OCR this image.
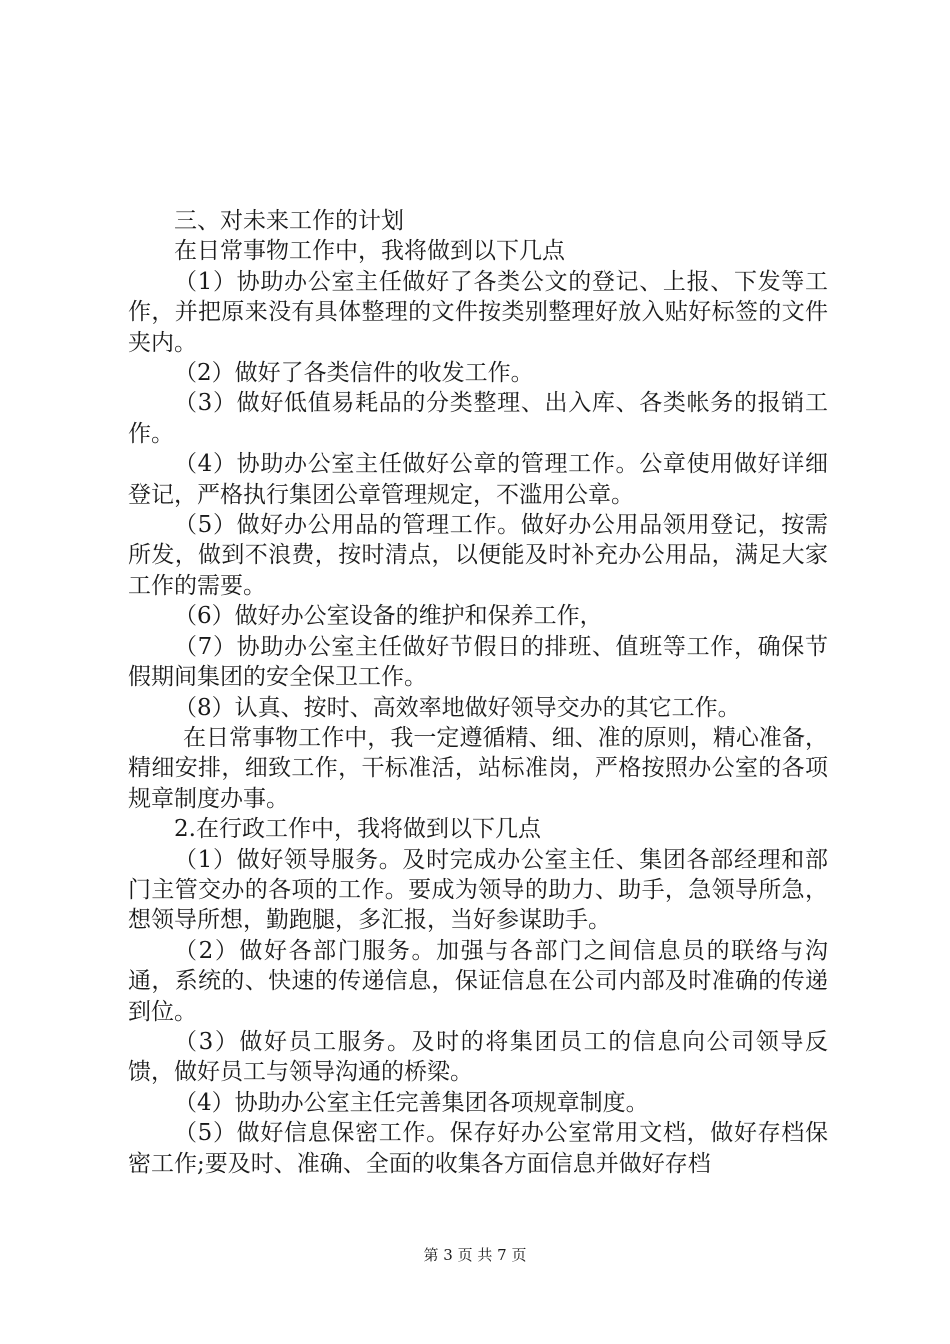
三、对未来工作的计划

在日常事物工作中，我将做到以下几点

（1）协助办公室主任做好了各类公文的登记、上报、下发等工作，并把原来没有具体整理的文件按类别整理好放入贴好标签的文件夹内。

（2）做好了各类信件的收发工作。

（3）做好低值易耗品的分类整理、出入库、各类帐务的报销工作。

（4）协助办公室主任做好公章的管理工作。公章使用做好详细登记，严格执行集团公章管理规定，不滥用公章。

（5）做好办公用品的管理工作。做好办公用品领用登记，按需所发，做到不浪费，按时清点，以便能及时补充办公用品，满足大家工作的需要。

（6）做好办公室设备的维护和保养工作，

（7）协助办公室主任做好节假日的排班、值班等工作，确保节假期间集团的安全保卫工作。

（8）认真、按时、高效率地做好领导交办的其它工作。

在日常事物工作中，我一定遵循精、细、准的原则，精心准备，精细安排，细致工作，干标准活，站标准岗，严格按照办公室的各项规章制度办事。

2.在行政工作中，我将做到以下几点

（1）做好领导服务。及时完成办公室主任、集团各部经理和部门主管交办的各项的工作。要成为领导的助力、助手，急领导所急，想领导所想，勤跑腿，多汇报，当好参谋助手。

（2）做好各部门服务。加强与各部门之间信息员的联络与沟通，系统的、快速的传递信息，保证信息在公司内部及时准确的传递到位。

（3）做好员工服务。及时的将集团员工的信息向公司领导反馈，做好员工与领导沟通的桥梁。

（4）协助办公室主任完善集团各项规章制度。

（5）做好信息保密工作。保存好办公室常用文档，做好存档保密工作;要及时、准确、全面的收集各方面信息并做好存档

第 3 页 共 7 页
